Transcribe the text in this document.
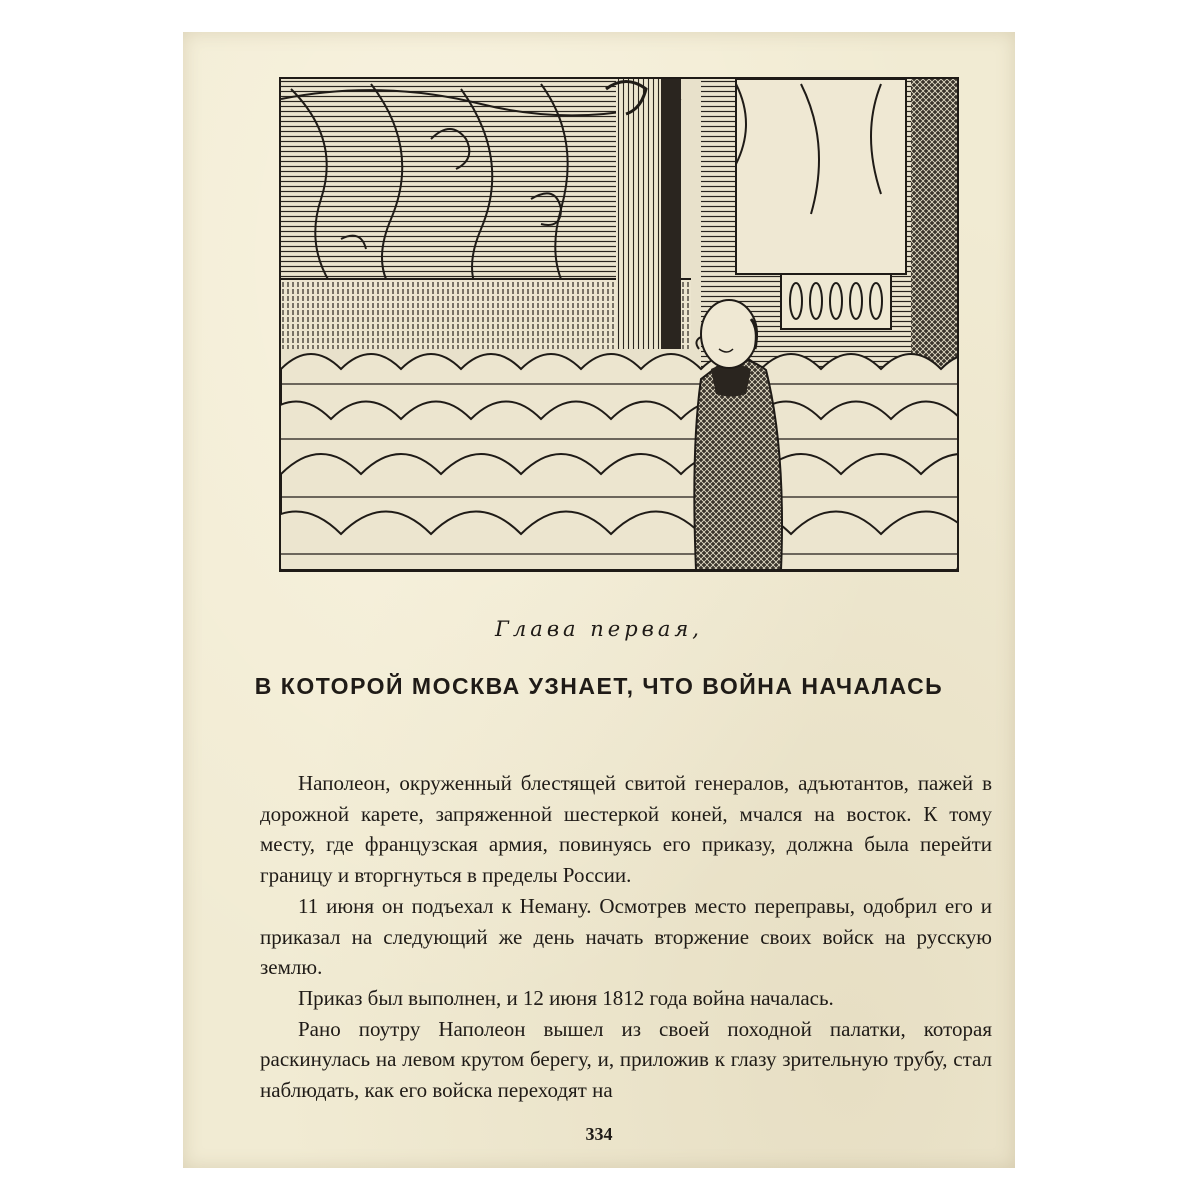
Глава первая,
В КОТОРОЙ МОСКВА УЗНАЕТ, ЧТО ВОЙНА НАЧАЛАСЬ

Наполеон, окруженный блестящей свитой генералов, адъютантов, пажей в дорожной карете, запряженной шестеркой коней, мчался на восток. К тому месту, где французская армия, повинуясь его приказу, должна была перейти границу и вторгнуться в пределы России.

11 июня он подъехал к Неману. Осмотрев место переправы, одобрил его и приказал на следующий же день начать вторжение своих войск на русскую землю.

Приказ был выполнен, и 12 июня 1812 года война началась.

Рано поутру Наполеон вышел из своей походной палатки, которая раскинулась на левом крутом берегу, и, приложив к глазу зрительную трубу, стал наблюдать, как его войска переходят на

334
